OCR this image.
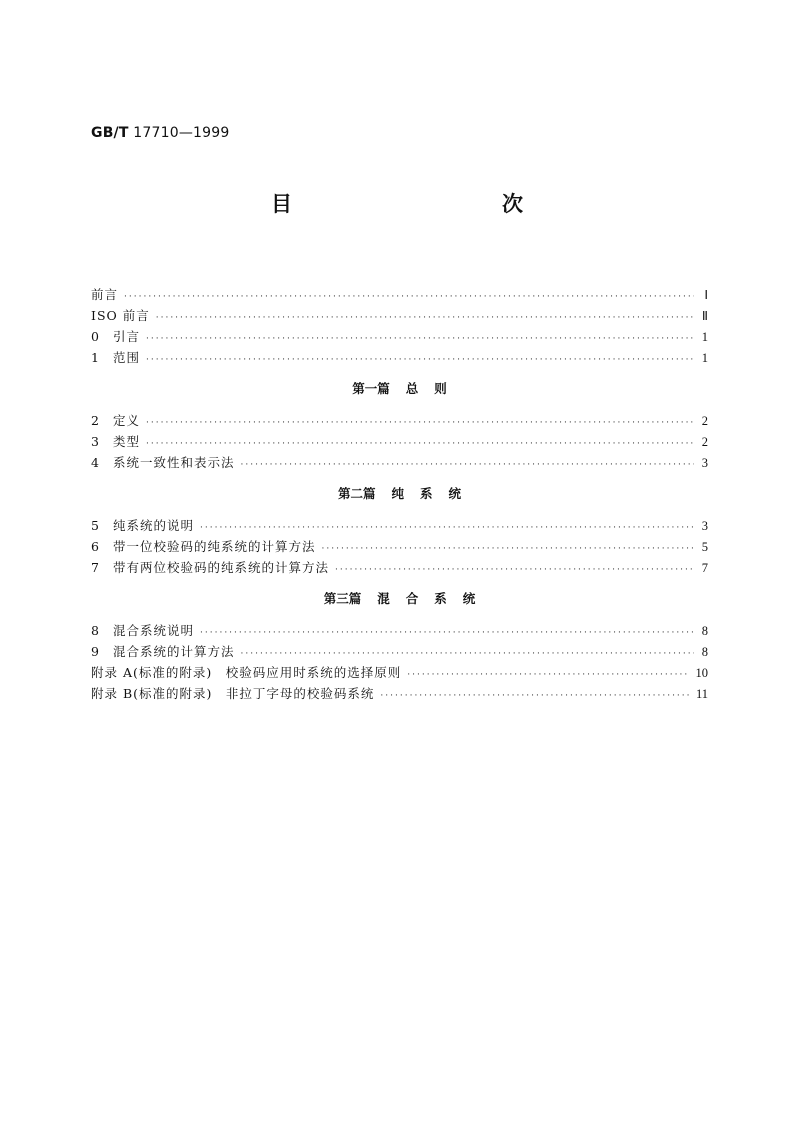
GB/T 17710—1999
目　　次
前言 ·····	Ⅰ
ISO 前言 ·····	Ⅱ
0	引言 ·····	1
1	范围 ·····	1
第一篇 总 则
2	定义 ·····	2
3	类型 ·····	2
4	系统一致性和表示法 ·····	3
第二篇 纯 系 统
5	纯系统的说明 ·····	3
6	带一位校验码的纯系统的计算方法 ·····	5
7	带有两位校验码的纯系统的计算方法 ·····	7
第三篇 混 合 系 统
8	混合系统说明 ·····	8
9	混合系统的计算方法 ·····	8
附录 A(标准的附录)　校验码应用时系统的选择原则 ·····	10
附录 B(标准的附录)　非拉丁字母的校验码系统 ·····	11
